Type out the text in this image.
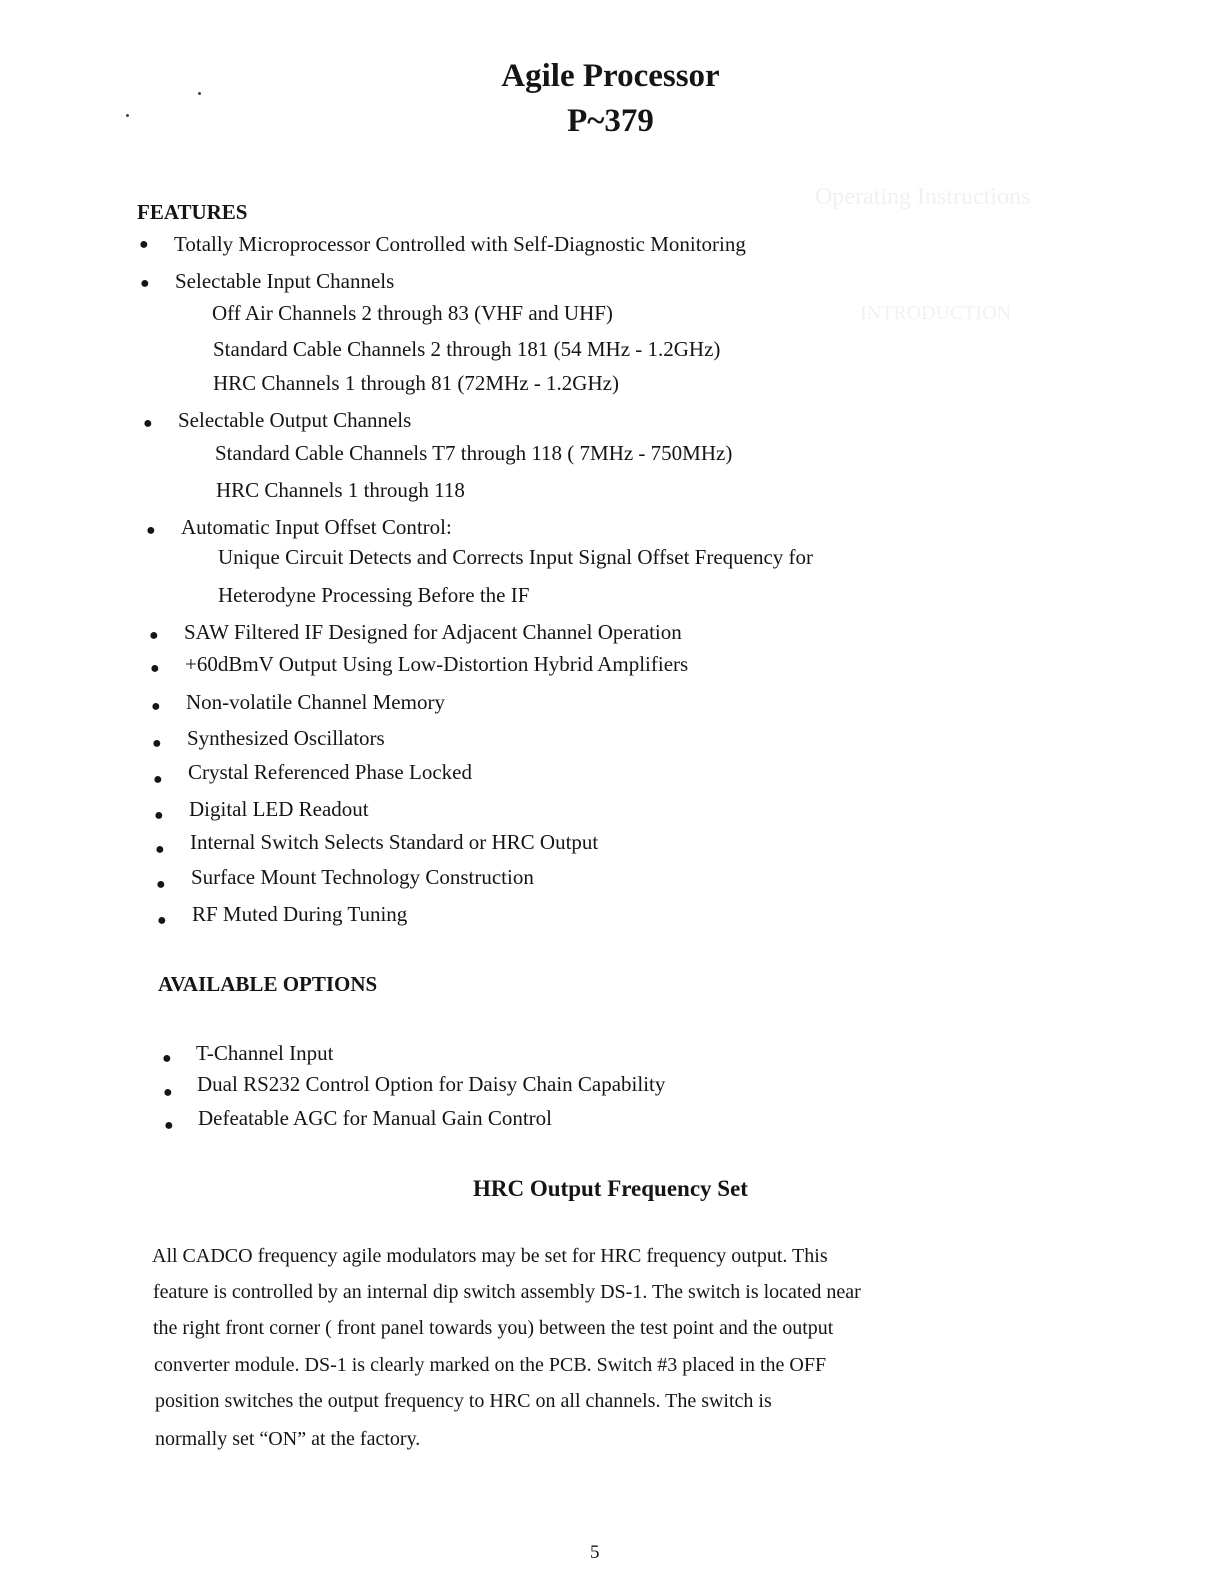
Operating Instructions
INTRODUCTION
Agile Processor
P~379
FEATURES
● Totally Microprocessor Controlled with Self-Diagnostic Monitoring
● Selectable Input Channels
Off Air Channels 2 through 83 (VHF and UHF)
Standard Cable Channels 2 through 181 (54 MHz - 1.2GHz)
HRC Channels 1 through 81 (72MHz - 1.2GHz)
● Selectable Output Channels
Standard Cable Channels T7 through 118 ( 7MHz - 750MHz)
HRC Channels 1 through 118
● Automatic Input Offset Control:
Unique Circuit Detects and Corrects Input Signal Offset Frequency for
Heterodyne Processing Before the IF
● SAW Filtered IF Designed for Adjacent Channel Operation
● +60dBmV Output Using Low-Distortion Hybrid Amplifiers
● Non-volatile Channel Memory
● Synthesized Oscillators
● Crystal Referenced Phase Locked
● Digital LED Readout
● Internal Switch Selects Standard or HRC Output
● Surface Mount Technology Construction
● RF Muted During Tuning
AVAILABLE OPTIONS
● T-Channel Input
● Dual RS232 Control Option for Daisy Chain Capability
● Defeatable AGC for Manual Gain Control
HRC Output Frequency Set
All CADCO frequency agile modulators may be set for HRC frequency output. This
feature is controlled by an internal dip switch assembly DS-1. The switch is located near
the right front corner ( front panel towards you) between the test point and the output
converter module. DS-1 is clearly marked on the PCB. Switch #3 placed in the OFF
position switches the output frequency to HRC on all channels. The switch is
normally set “ON” at the factory.
5
